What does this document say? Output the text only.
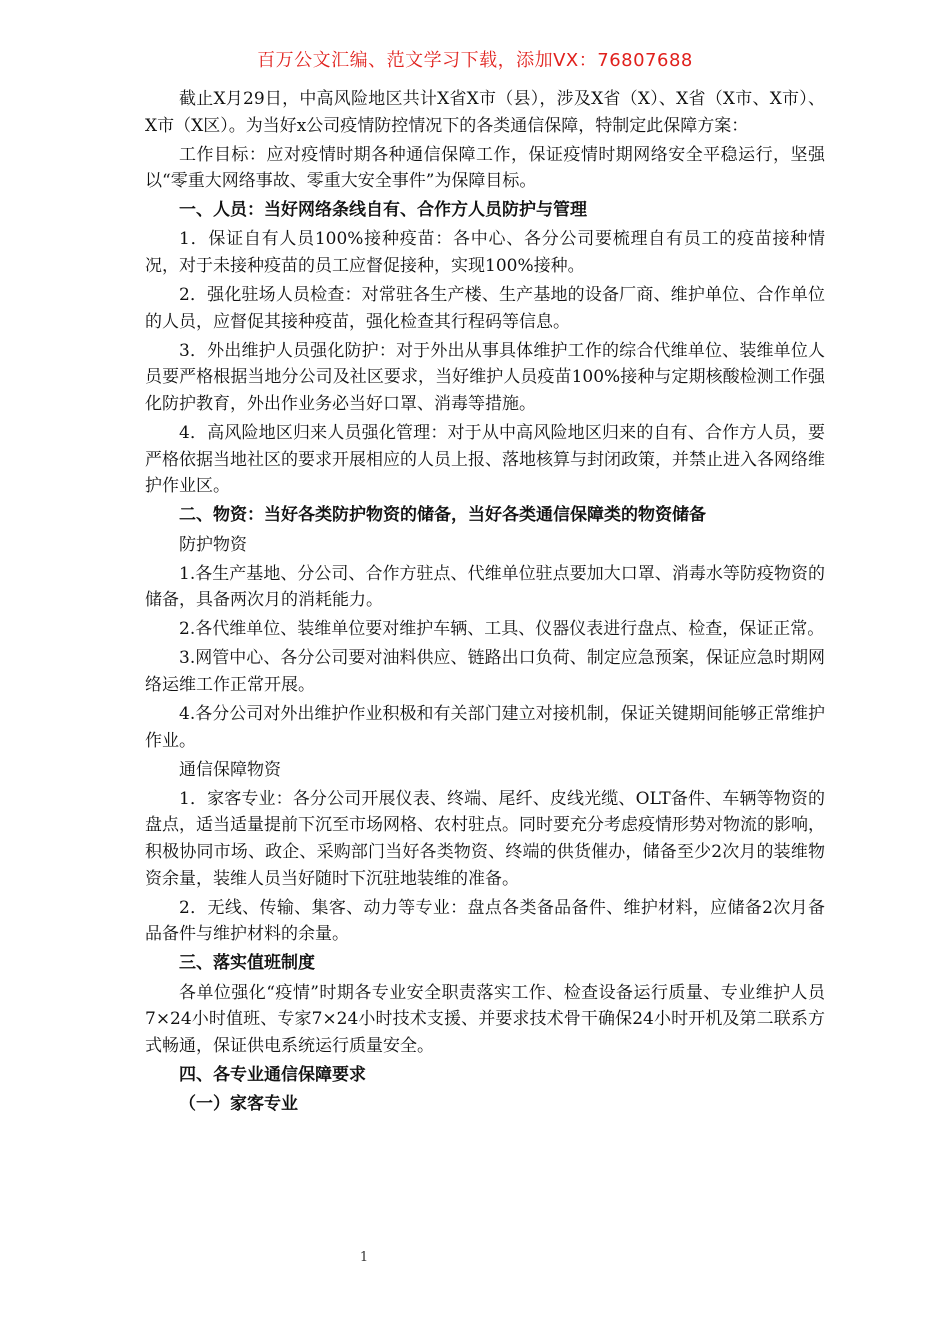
百万公文汇编、范文学习下载，添加VX：76807688

截止X月29日，中高风险地区共计X省X市（县），涉及X省（X）、X省（X市、X市）、X市（X区）。为当好x公司疫情防控情况下的各类通信保障，特制定此保障方案：

工作目标：应对疫情时期各种通信保障工作，保证疫情时期网络安全平稳运行，坚强以“零重大网络事故、零重大安全事件”为保障目标。

一、人员：当好网络条线自有、合作方人员防护与管理

1．保证自有人员100%接种疫苗：各中心、各分公司要梳理自有员工的疫苗接种情况，对于未接种疫苗的员工应督促接种，实现100%接种。

2．强化驻场人员检查：对常驻各生产楼、生产基地的设备厂商、维护单位、合作单位的人员，应督促其接种疫苗，强化检查其行程码等信息。

3．外出维护人员强化防护：对于外出从事具体维护工作的综合代维单位、装维单位人员要严格根据当地分公司及社区要求，当好维护人员疫苗100%接种与定期核酸检测工作强化防护教育，外出作业务必当好口罩、消毒等措施。

4．高风险地区归来人员强化管理：对于从中高风险地区归来的自有、合作方人员，要严格依据当地社区的要求开展相应的人员上报、落地核算与封闭政策，并禁止进入各网络维护作业区。

二、物资：当好各类防护物资的储备，当好各类通信保障类的物资储备

防护物资

1.各生产基地、分公司、合作方驻点、代维单位驻点要加大口罩、消毒水等防疫物资的储备，具备两次月的消耗能力。

2.各代维单位、装维单位要对维护车辆、工具、仪器仪表进行盘点、检查，保证正常。

3.网管中心、各分公司要对油料供应、链路出口负荷、制定应急预案，保证应急时期网络运维工作正常开展。

4.各分公司对外出维护作业积极和有关部门建立对接机制，保证关键期间能够正常维护作业。

通信保障物资

1．家客专业：各分公司开展仪表、终端、尾纤、皮线光缆、OLT备件、车辆等物资的盘点，适当适量提前下沉至市场网格、农村驻点。同时要充分考虑疫情形势对物流的影响，积极协同市场、政企、采购部门当好各类物资、终端的供货催办，储备至少2次月的装维物资余量，装维人员当好随时下沉驻地装维的准备。

2．无线、传输、集客、动力等专业：盘点各类备品备件、维护材料，应储备2次月备品备件与维护材料的余量。

三、落实值班制度

各单位强化“疫情”时期各专业安全职责落实工作、检查设备运行质量、专业维护人员7×24小时值班、专家7×24小时技术支援、并要求技术骨干确保24小时开机及第二联系方式畅通，保证供电系统运行质量安全。

四、各专业通信保障要求

（一）家客专业

1
